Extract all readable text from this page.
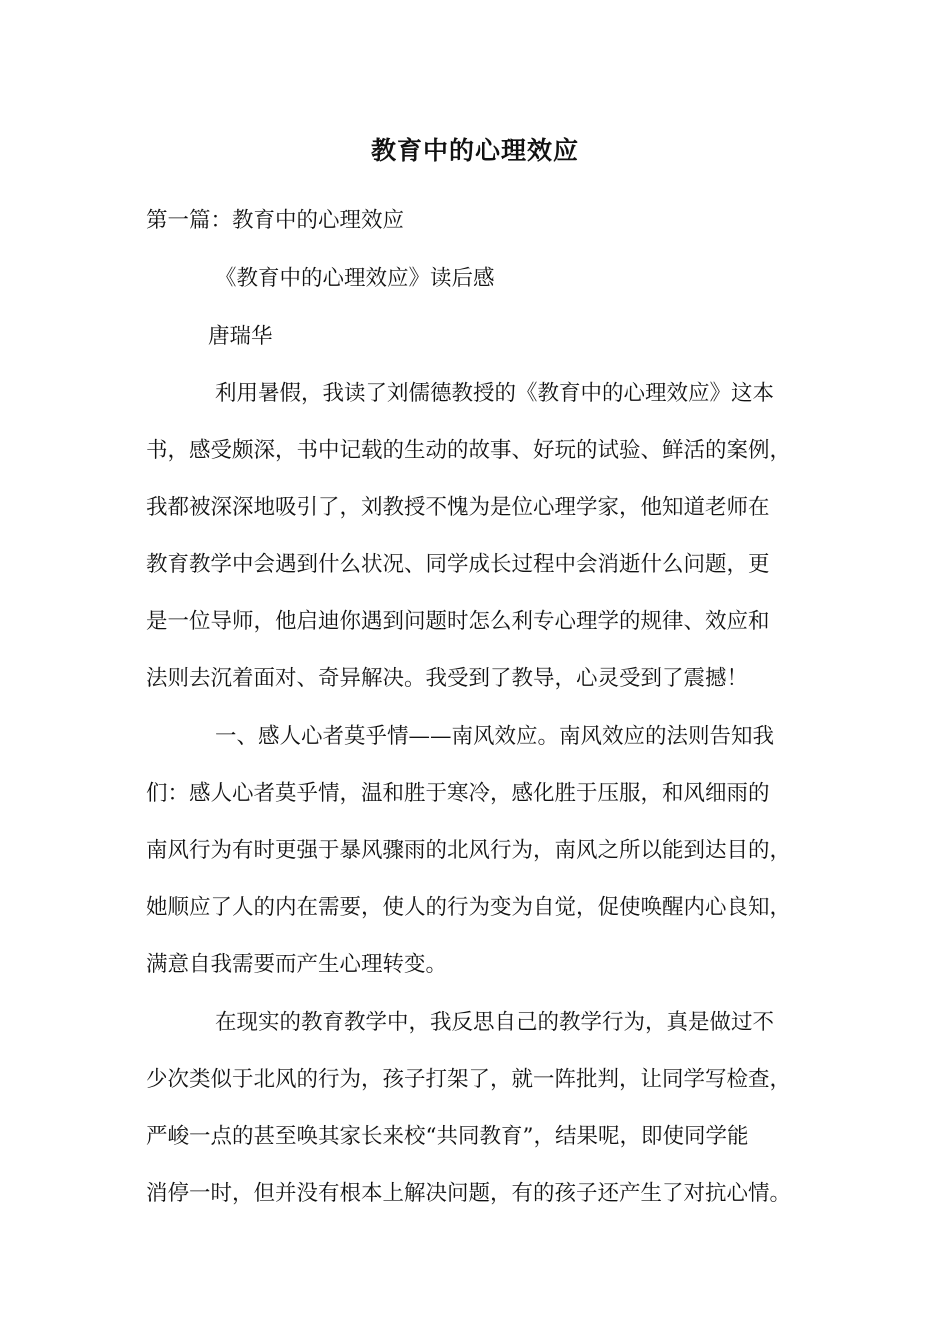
教育中的心理效应
第一篇：教育中的心理效应
《教育中的心理效应》读后感
唐瑞华
利用暑假，我读了刘儒德教授的《教育中的心理效应》这本
书，感受颇深，书中记载的生动的故事、好玩的试验、鲜活的案例，
我都被深深地吸引了，刘教授不愧为是位心理学家，他知道老师在
教育教学中会遇到什么状况、同学成长过程中会消逝什么问题，更
是一位导师，他启迪你遇到问题时怎么利专心理学的规律、效应和
法则去沉着面对、奇异解决。我受到了教导，心灵受到了震撼！
一、感人心者莫乎情——南风效应。南风效应的法则告知我
们：感人心者莫乎情，温和胜于寒冷，感化胜于压服，和风细雨的
南风行为有时更强于暴风骤雨的北风行为，南风之所以能到达目的，
她顺应了人的内在需要，使人的行为变为自觉，促使唤醒内心良知，
满意自我需要而产生心理转变。
在现实的教育教学中，我反思自己的教学行为，真是做过不
少次类似于北风的行为，孩子打架了，就一阵批判，让同学写检查，
严峻一点的甚至唤其家长来校“共同教育”，结果呢，即使同学能
消停一时，但并没有根本上解决问题，有的孩子还产生了对抗心情。
